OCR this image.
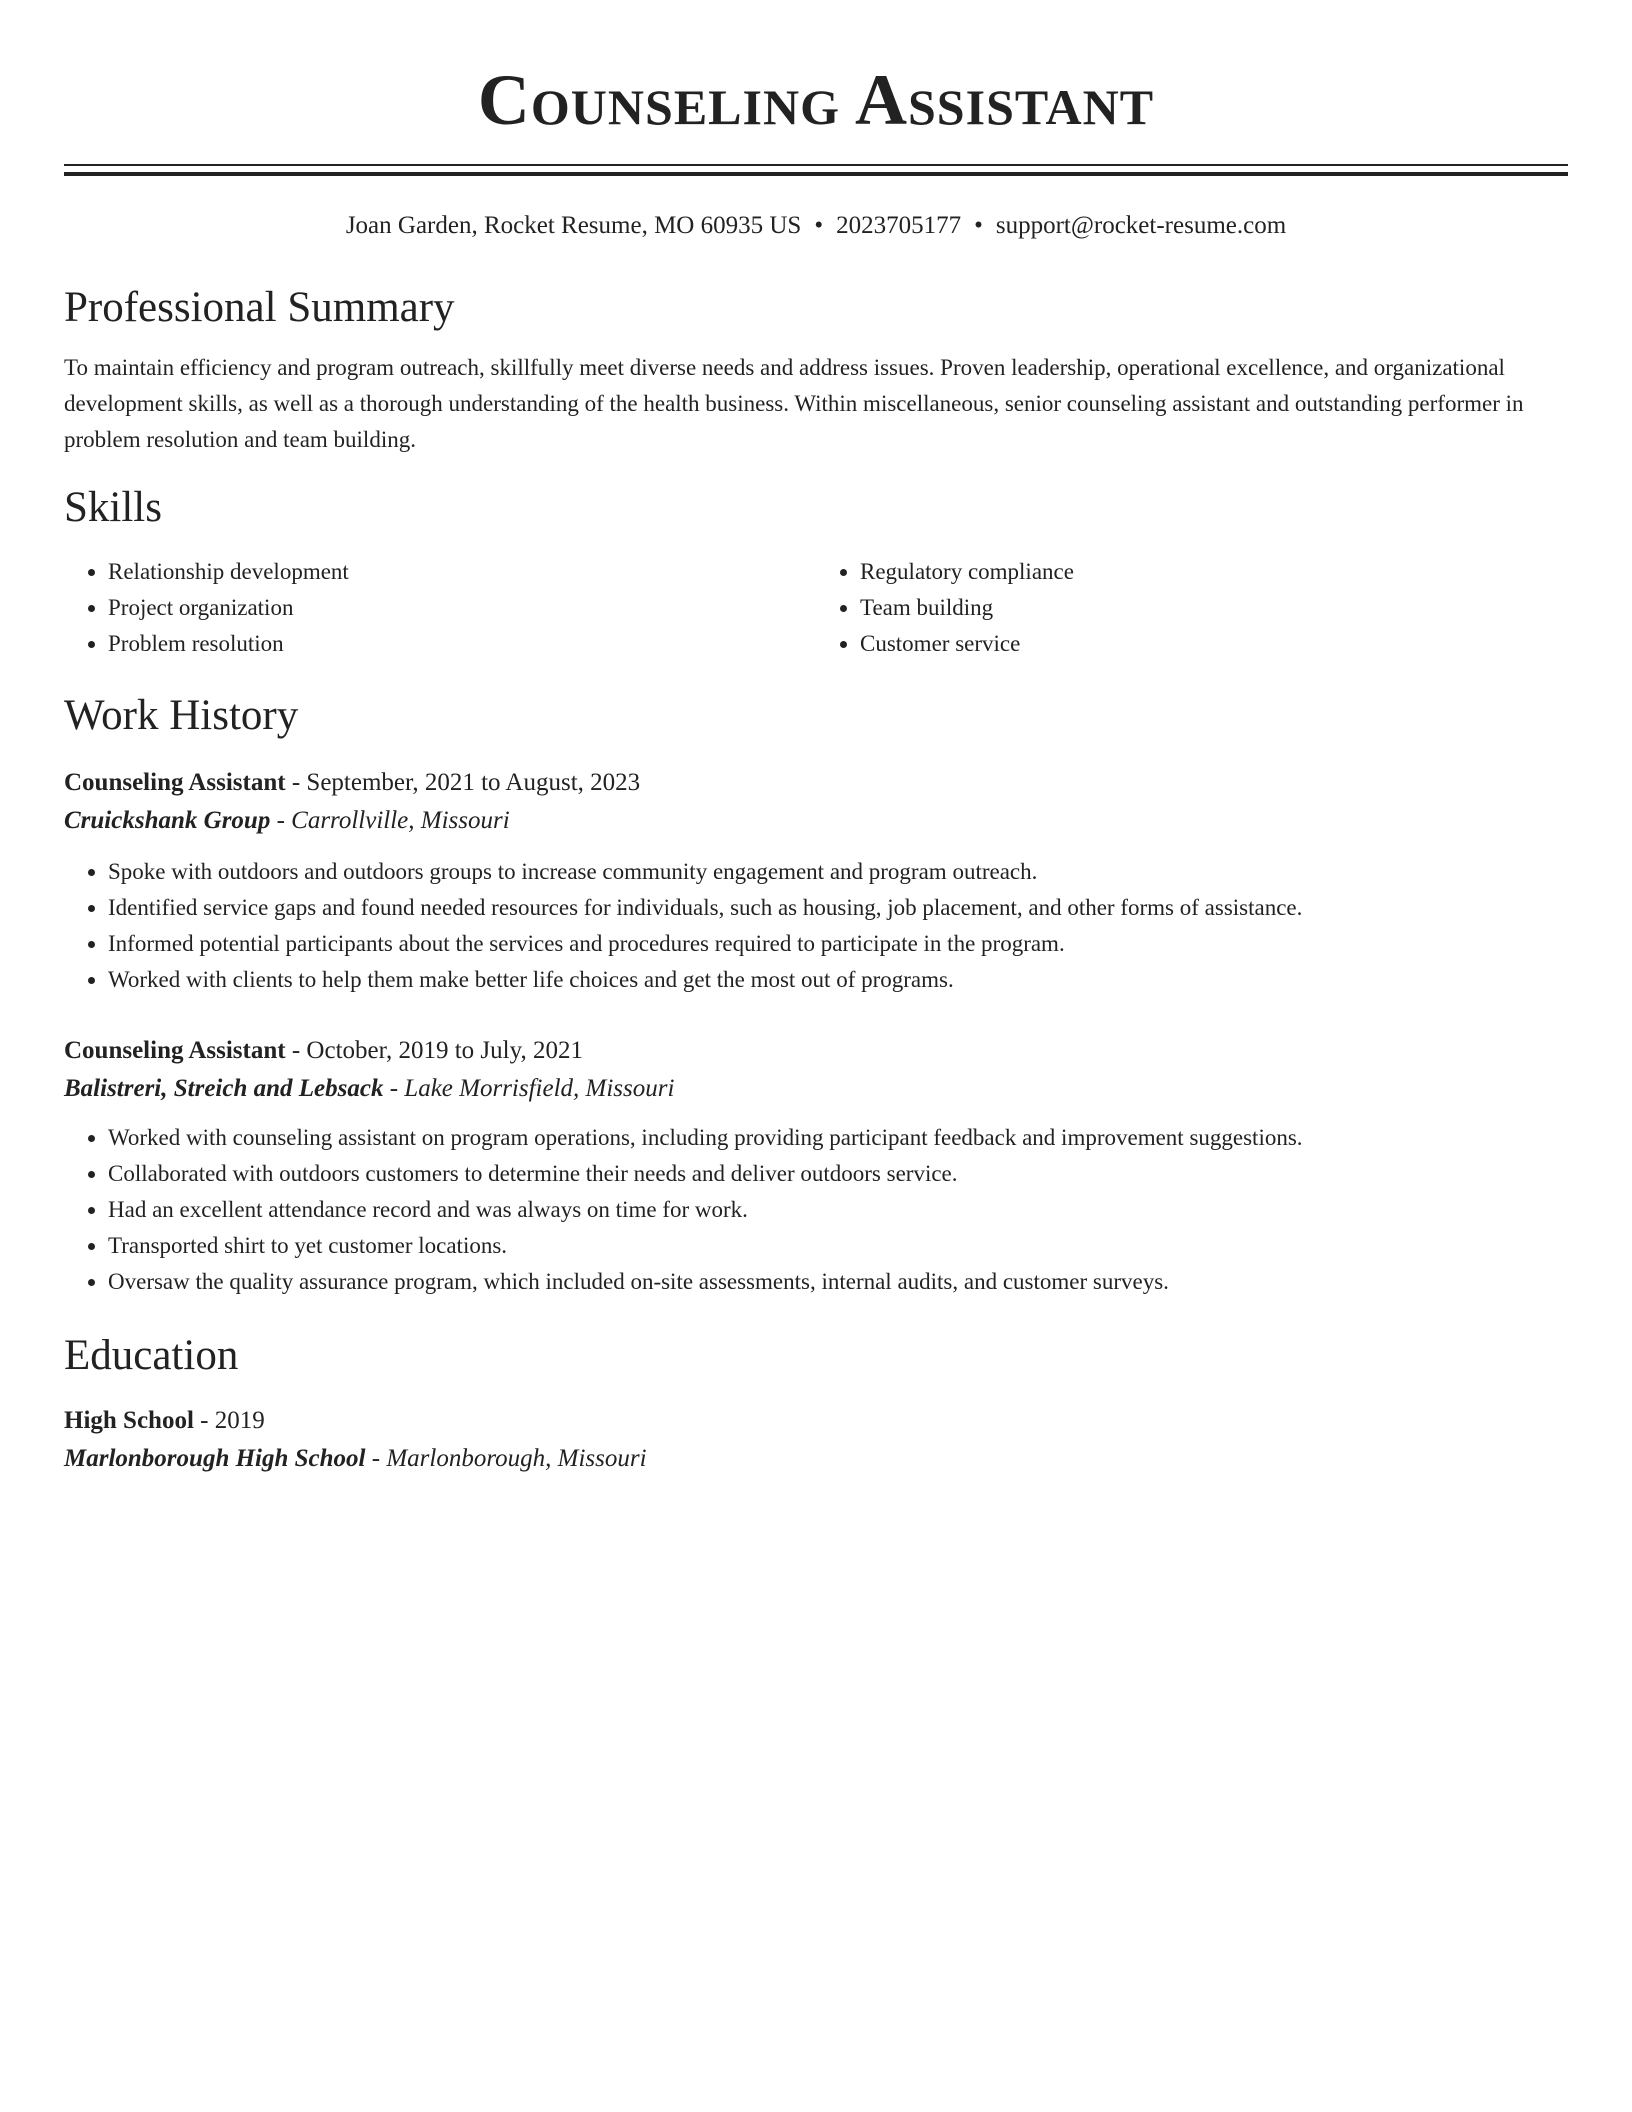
Counseling Assistant
Joan Garden, Rocket Resume, MO 60935 US • 2023705177 • support@rocket-resume.com
Professional Summary
To maintain efficiency and program outreach, skillfully meet diverse needs and address issues. Proven leadership, operational excellence, and organizational development skills, as well as a thorough understanding of the health business. Within miscellaneous, senior counseling assistant and outstanding performer in problem resolution and team building.
Skills
• Relationship development
• Project organization
• Problem resolution
• Regulatory compliance
• Team building
• Customer service
Work History
Counseling Assistant - September, 2021 to August, 2023
Cruickshank Group - Carrollville, Missouri
• Spoke with outdoors and outdoors groups to increase community engagement and program outreach.
• Identified service gaps and found needed resources for individuals, such as housing, job placement, and other forms of assistance.
• Informed potential participants about the services and procedures required to participate in the program.
• Worked with clients to help them make better life choices and get the most out of programs.
Counseling Assistant - October, 2019 to July, 2021
Balistreri, Streich and Lebsack - Lake Morrisfield, Missouri
• Worked with counseling assistant on program operations, including providing participant feedback and improvement suggestions.
• Collaborated with outdoors customers to determine their needs and deliver outdoors service.
• Had an excellent attendance record and was always on time for work.
• Transported shirt to yet customer locations.
• Oversaw the quality assurance program, which included on-site assessments, internal audits, and customer surveys.
Education
High School - 2019
Marlonborough High School - Marlonborough, Missouri
